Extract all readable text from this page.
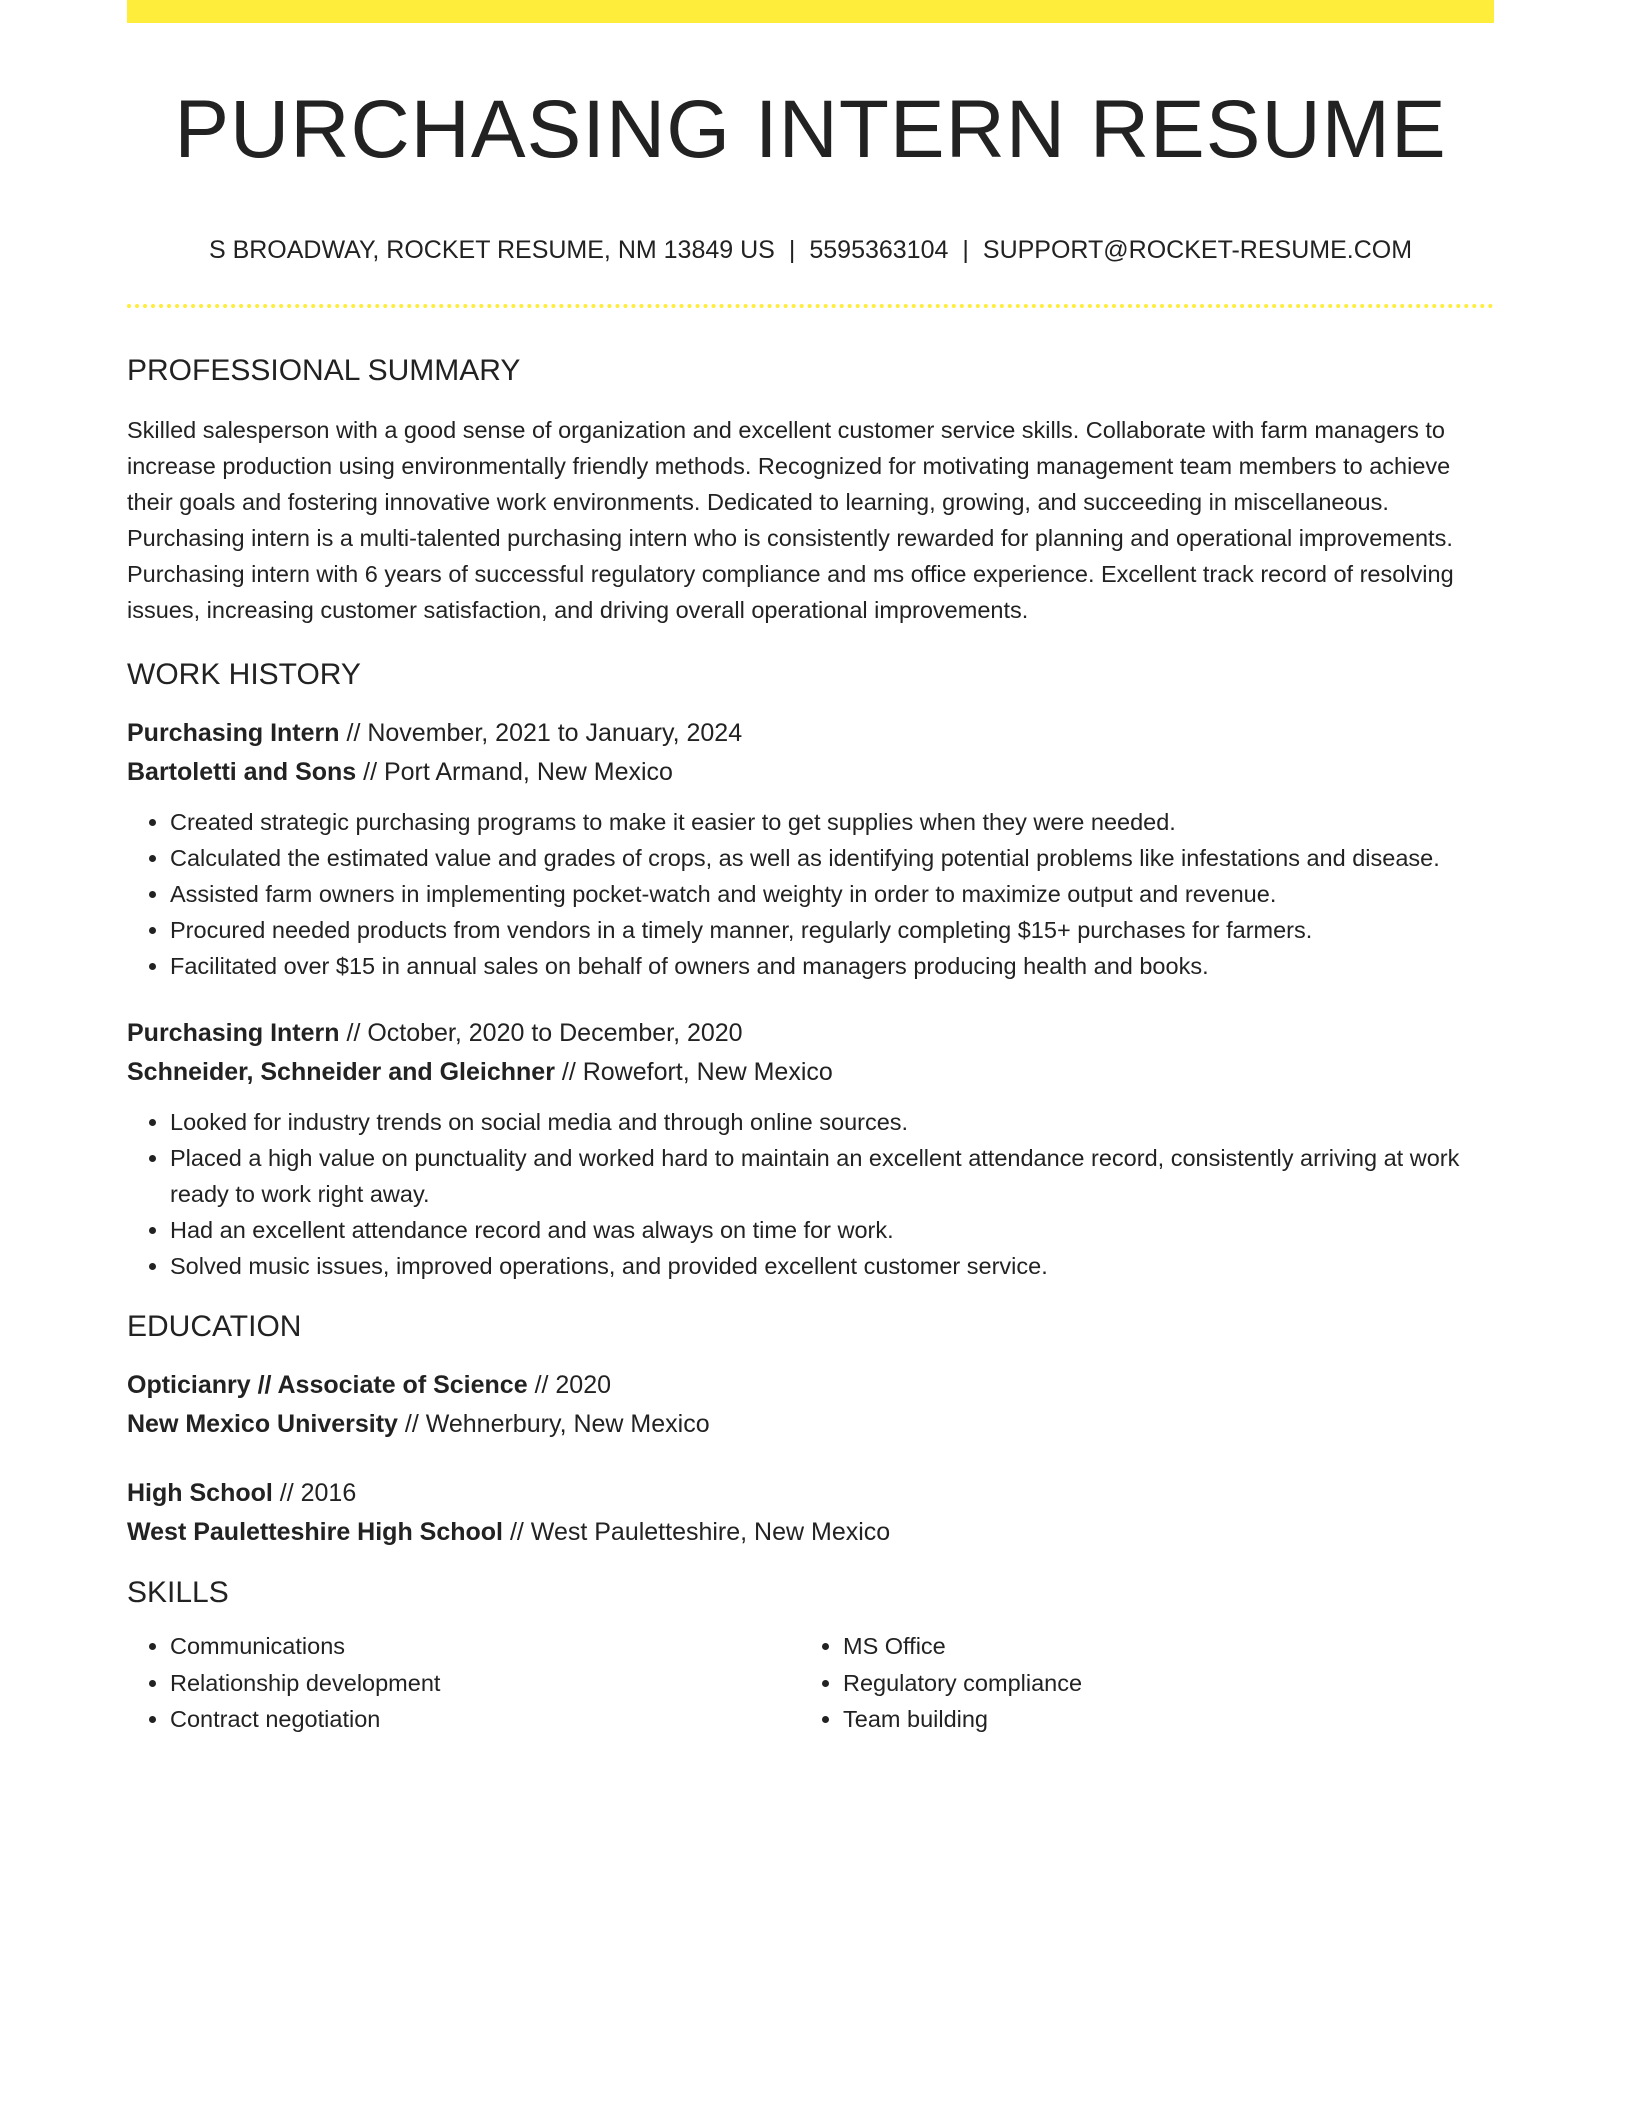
PURCHASING INTERN RESUME
S BROADWAY, ROCKET RESUME, NM 13849 US | 5595363104 | SUPPORT@ROCKET-RESUME.COM
PROFESSIONAL SUMMARY
Skilled salesperson with a good sense of organization and excellent customer service skills. Collaborate with farm managers to increase production using environmentally friendly methods. Recognized for motivating management team members to achieve their goals and fostering innovative work environments. Dedicated to learning, growing, and succeeding in miscellaneous. Purchasing intern is a multi-talented purchasing intern who is consistently rewarded for planning and operational improvements. Purchasing intern with 6 years of successful regulatory compliance and ms office experience. Excellent track record of resolving issues, increasing customer satisfaction, and driving overall operational improvements.
WORK HISTORY
Purchasing Intern // November, 2021 to January, 2024
Bartoletti and Sons // Port Armand, New Mexico
• Created strategic purchasing programs to make it easier to get supplies when they were needed.
• Calculated the estimated value and grades of crops, as well as identifying potential problems like infestations and disease.
• Assisted farm owners in implementing pocket-watch and weighty in order to maximize output and revenue.
• Procured needed products from vendors in a timely manner, regularly completing $15+ purchases for farmers.
• Facilitated over $15 in annual sales on behalf of owners and managers producing health and books.
Purchasing Intern // October, 2020 to December, 2020
Schneider, Schneider and Gleichner // Rowefort, New Mexico
• Looked for industry trends on social media and through online sources.
• Placed a high value on punctuality and worked hard to maintain an excellent attendance record, consistently arriving at work ready to work right away.
• Had an excellent attendance record and was always on time for work.
• Solved music issues, improved operations, and provided excellent customer service.
EDUCATION
Opticianry // Associate of Science // 2020
New Mexico University // Wehnerbury, New Mexico
High School // 2016
West Pauletteshire High School // West Pauletteshire, New Mexico
SKILLS
• Communications
• Relationship development
• Contract negotiation
• MS Office
• Regulatory compliance
• Team building
